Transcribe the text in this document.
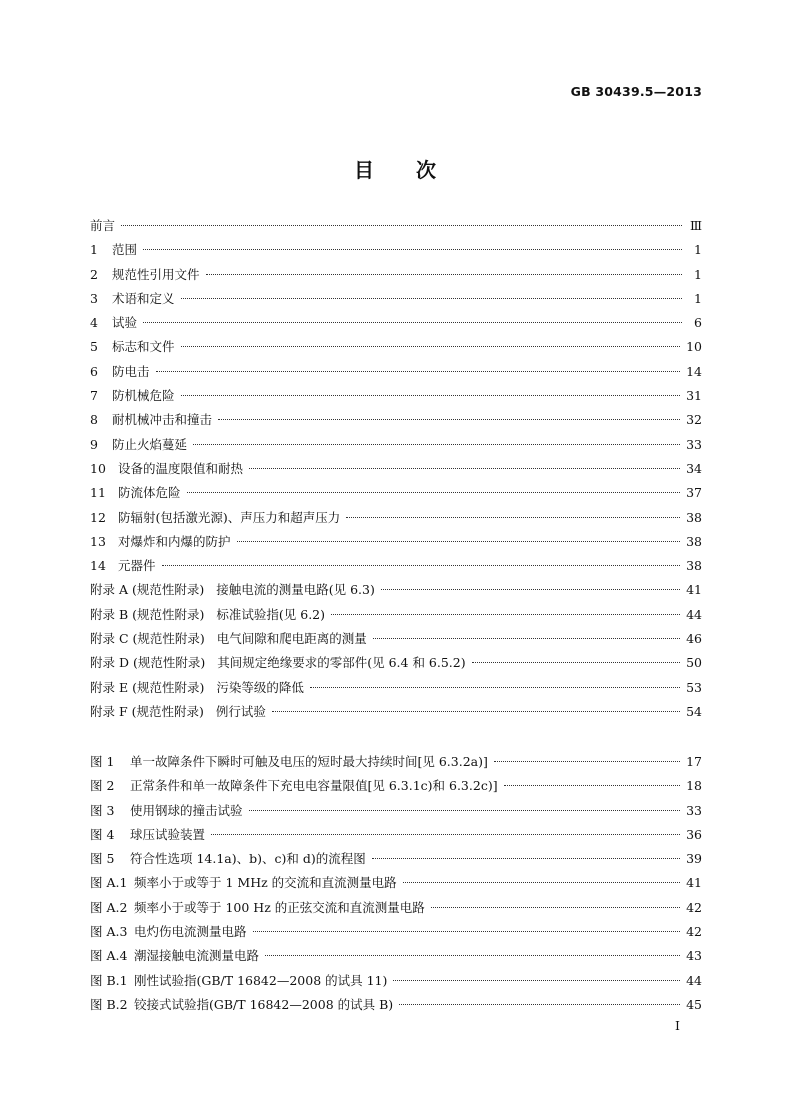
GB 30439.5—2013
目 次
前言	Ⅲ
1	范围	1
2	规范性引用文件	1
3	术语和定义	1
4	试验	6
5	标志和文件	10
6	防电击	14
7	防机械危险	31
8	耐机械冲击和撞击	32
9	防止火焰蔓延	33
10 设备的温度限值和耐热	34
11 防流体危险	37
12 防辐射(包括激光源)、声压力和超声压力	38
13 对爆炸和内爆的防护	38
14 元器件	38
附录 A (规范性附录) 接触电流的测量电路(见 6.3)	41
附录 B (规范性附录) 标准试验指(见 6.2)	44
附录 C (规范性附录) 电气间隙和爬电距离的测量	46
附录 D (规范性附录) 其间规定绝缘要求的零部件(见 6.4 和 6.5.2)	50
附录 E (规范性附录) 污染等级的降低	53
附录 F (规范性附录) 例行试验	54
图 1	单一故障条件下瞬时可触及电压的短时最大持续时间[见 6.3.2a)]	17
图 2	正常条件和单一故障条件下充电电容量限值[见 6.3.1c)和 6.3.2c)]	18
图 3	使用钢球的撞击试验	33
图 4	球压试验装置	36
图 5	符合性选项 14.1a)、b)、c)和 d)的流程图	39
图 A.1 频率小于或等于 1 MHz 的交流和直流测量电路	41
图 A.2 频率小于或等于 100 Hz 的正弦交流和直流测量电路	42
图 A.3 电灼伤电流测量电路	42
图 A.4 潮湿接触电流测量电路	43
图 B.1 刚性试验指(GB/T 16842—2008 的试具 11)	44
图 B.2 铰接式试验指(GB/T 16842—2008 的试具 B)	45
I
